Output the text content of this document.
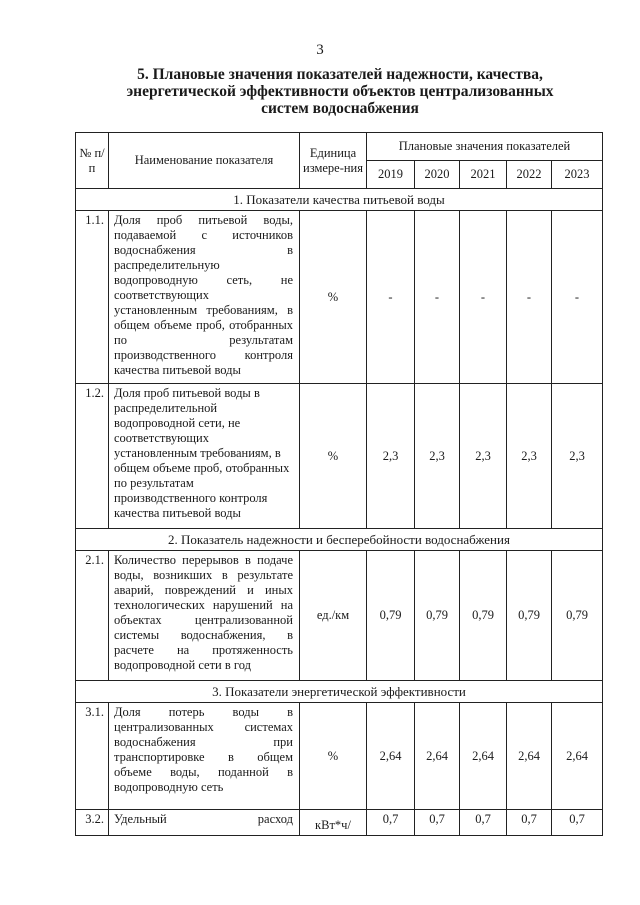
3
5. Плановые значения показателей надежности, качества,
энергетической эффективности объектов централизованных
систем водоснабжения
№ п/п	Наименование показателя	Единица измере-ния	Плановые значения показателей				
			2019	2020	2021	2022	2023
1. Показатели качества питьевой воды							
1.1.	Доля проб питьевой воды, подаваемой с источников водоснабжения в распределительную водопроводную сеть, не соответствующих установленным требованиям, в общем объеме проб, отобранных по результатам производственного контроля качества питьевой воды	%	-	-	-	-	-
1.2.	Доля проб питьевой воды в распределительной водопроводной сети, не соответствующих установленным требованиям, в общем объеме проб, отобранных по результатам производственного контроля качества питьевой воды	%	2,3	2,3	2,3	2,3	2,3
2. Показатель надежности и бесперебойности водоснабжения							
2.1.	Количество перерывов в подаче воды, возникших в результате аварий, повреждений и иных технологических нарушений на объектах централизованной системы водоснабжения, в расчете на протяженность водопроводной сети в год	ед./км	0,79	0,79	0,79	0,79	0,79
3. Показатели энергетической эффективности							
3.1.	Доля потерь воды в централизованных системах водоснабжения при транспортировке в общем объеме воды, поданной в водопроводную сеть	%	2,64	2,64	2,64	2,64	2,64
3.2.	Удельный расход	кВт*ч/	0,7	0,7	0,7	0,7	0,7
